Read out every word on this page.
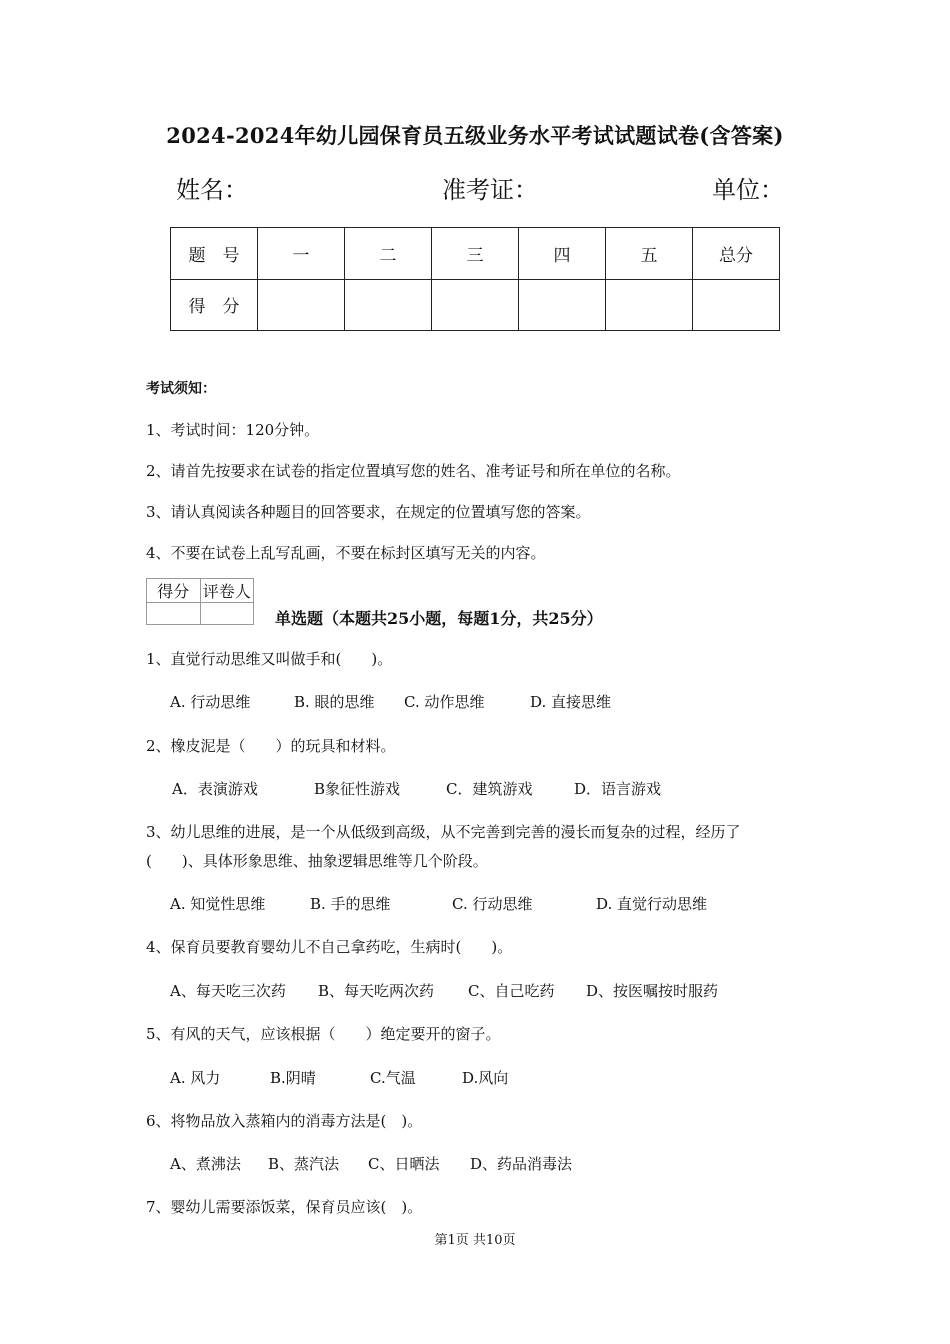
2024-2024年幼儿园保育员五级业务水平考试试题试卷(含答案)
姓名：	准考证：	单位：
题　号	一	二	三	四	五	总分
得　分						
考试须知：
1、考试时间：120分钟。
2、请首先按要求在试卷的指定位置填写您的姓名、准考证号和所在单位的名称。
3、请认真阅读各种题目的回答要求，在规定的位置填写您的答案。
4、不要在试卷上乱写乱画，不要在标封区填写无关的内容。
得分	评卷人

单选题（本题共25小题，每题1分，共25分）
1、直觉行动思维又叫做手和(　　)。
A. 行动思维	B. 眼的思维 C. 动作思维	D. 直接思维
2、橡皮泥是（　　）的玩具和材料。
A．表演游戏	B象征性游戏	C．建筑游戏	D．语言游戏
3、幼儿思维的进展，是一个从低级到高级，从不完善到完善的漫长而复杂的过程，经历了
(　　)、具体形象思维、抽象逻辑思维等几个阶段。
A. 知觉性思维	B. 手的思维	C. 行动思维	D. 直觉行动思维
4、保育员要教育婴幼儿不自己拿药吃，生病时(　　)。
A、每天吃三次药 B、每天吃两次药 C、自己吃药 D、按医嘱按时服药
5、有风的天气，应该根据（　　）绝定要开的窗子。
A. 风力	B.阴晴	C.气温	D.风向
6、将物品放入蒸箱内的消毒方法是(　)。
A、煮沸法 B、蒸汽法 C、日晒法 D、药品消毒法
7、婴幼儿需要添饭菜，保育员应该(　)。
第1页 共10页
